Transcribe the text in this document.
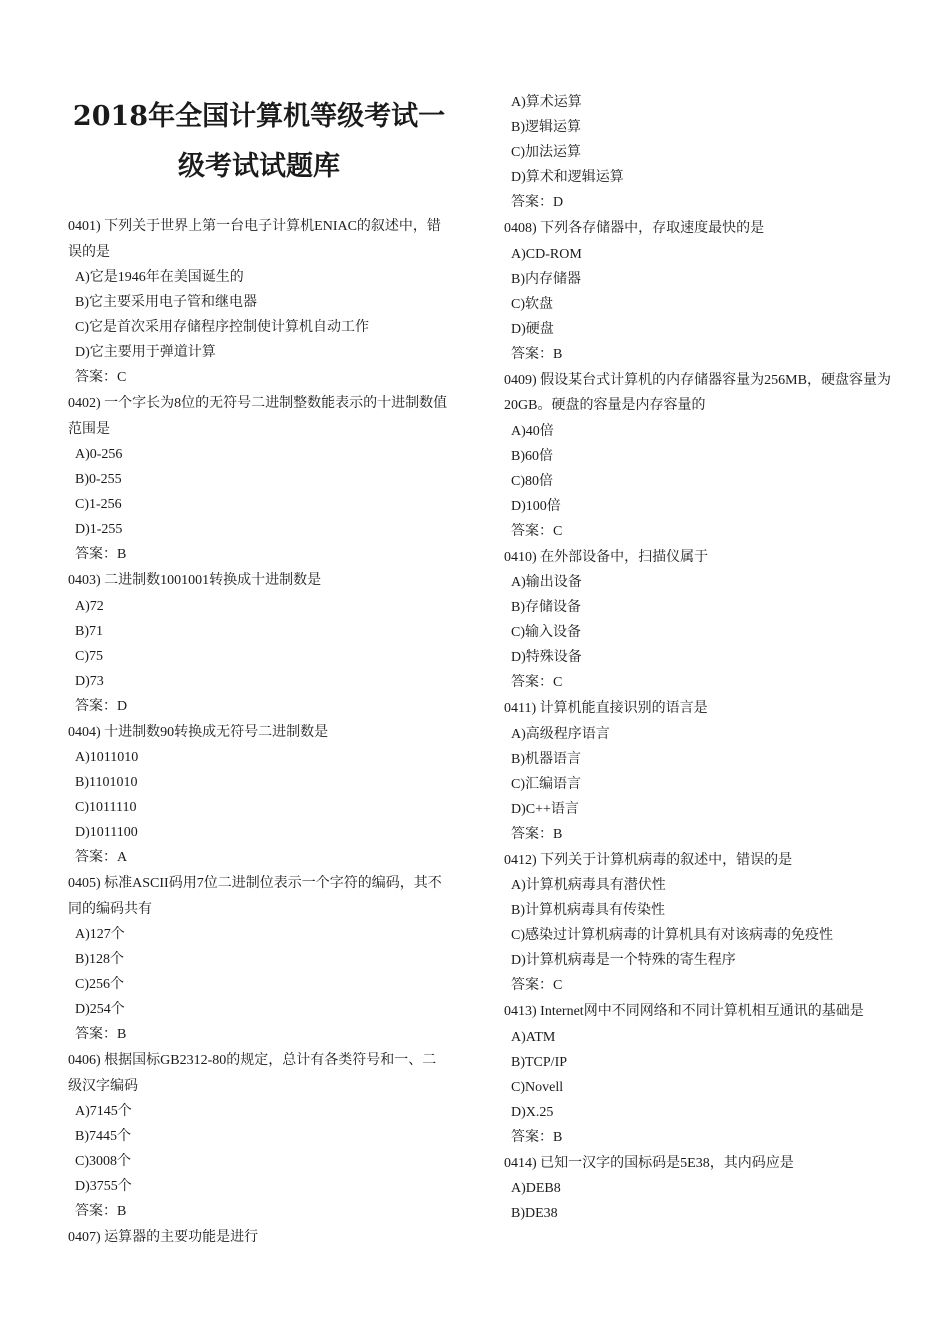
2018年全国计算机等级考试一
级考试试题库

0401) 下列关于世界上第一台电子计算机ENIAC的叙述中，错误的是

A)它是1946年在美国诞生的

B)它主要采用电子管和继电器

C)它是首次采用存储程序控制使计算机自动工作

D)它主要用于弹道计算

答案：C

0402) 一个字长为8位的无符号二进制整数能表示的十进制数值范围是

A)0-256

B)0-255

C)1-256

D)1-255

答案：B

0403) 二进制数1001001转换成十进制数是

A)72

B)71

C)75

D)73

答案：D

0404) 十进制数90转换成无符号二进制数是

A)1011010

B)1101010

C)1011110

D)1011100

答案：A

0405) 标准ASCII码用7位二进制位表示一个字符的编码，其不同的编码共有

A)127个

B)128个

C)256个

D)254个

答案：B

0406) 根据国标GB2312-80的规定，总计有各类符号和一、二级汉字编码

A)7145个

B)7445个

C)3008个

D)3755个

答案：B

0407) 运算器的主要功能是进行

A)算术运算

B)逻辑运算

C)加法运算

D)算术和逻辑运算

答案：D

0408) 下列各存储器中，存取速度最快的是

A)CD-ROM

B)内存储器

C)软盘

D)硬盘

答案：B

0409) 假设某台式计算机的内存储器容量为256MB，硬盘容量为20GB。硬盘的容量是内存容量的

A)40倍

B)60倍

C)80倍

D)100倍

答案：C

0410) 在外部设备中，扫描仪属于

A)输出设备

B)存储设备

C)输入设备

D)特殊设备

答案：C

0411) 计算机能直接识别的语言是

A)高级程序语言

B)机器语言

C)汇编语言

D)C++语言

答案：B

0412) 下列关于计算机病毒的叙述中，错误的是

A)计算机病毒具有潜伏性

B)计算机病毒具有传染性

C)感染过计算机病毒的计算机具有对该病毒的免疫性

D)计算机病毒是一个特殊的寄生程序

答案：C

0413) Internet网中不同网络和不同计算机相互通讯的基础是

A)ATM

B)TCP/IP

C)Novell

D)X.25

答案：B

0414) 已知一汉字的国标码是5E38，其内码应是

A)DEB8

B)DE38
